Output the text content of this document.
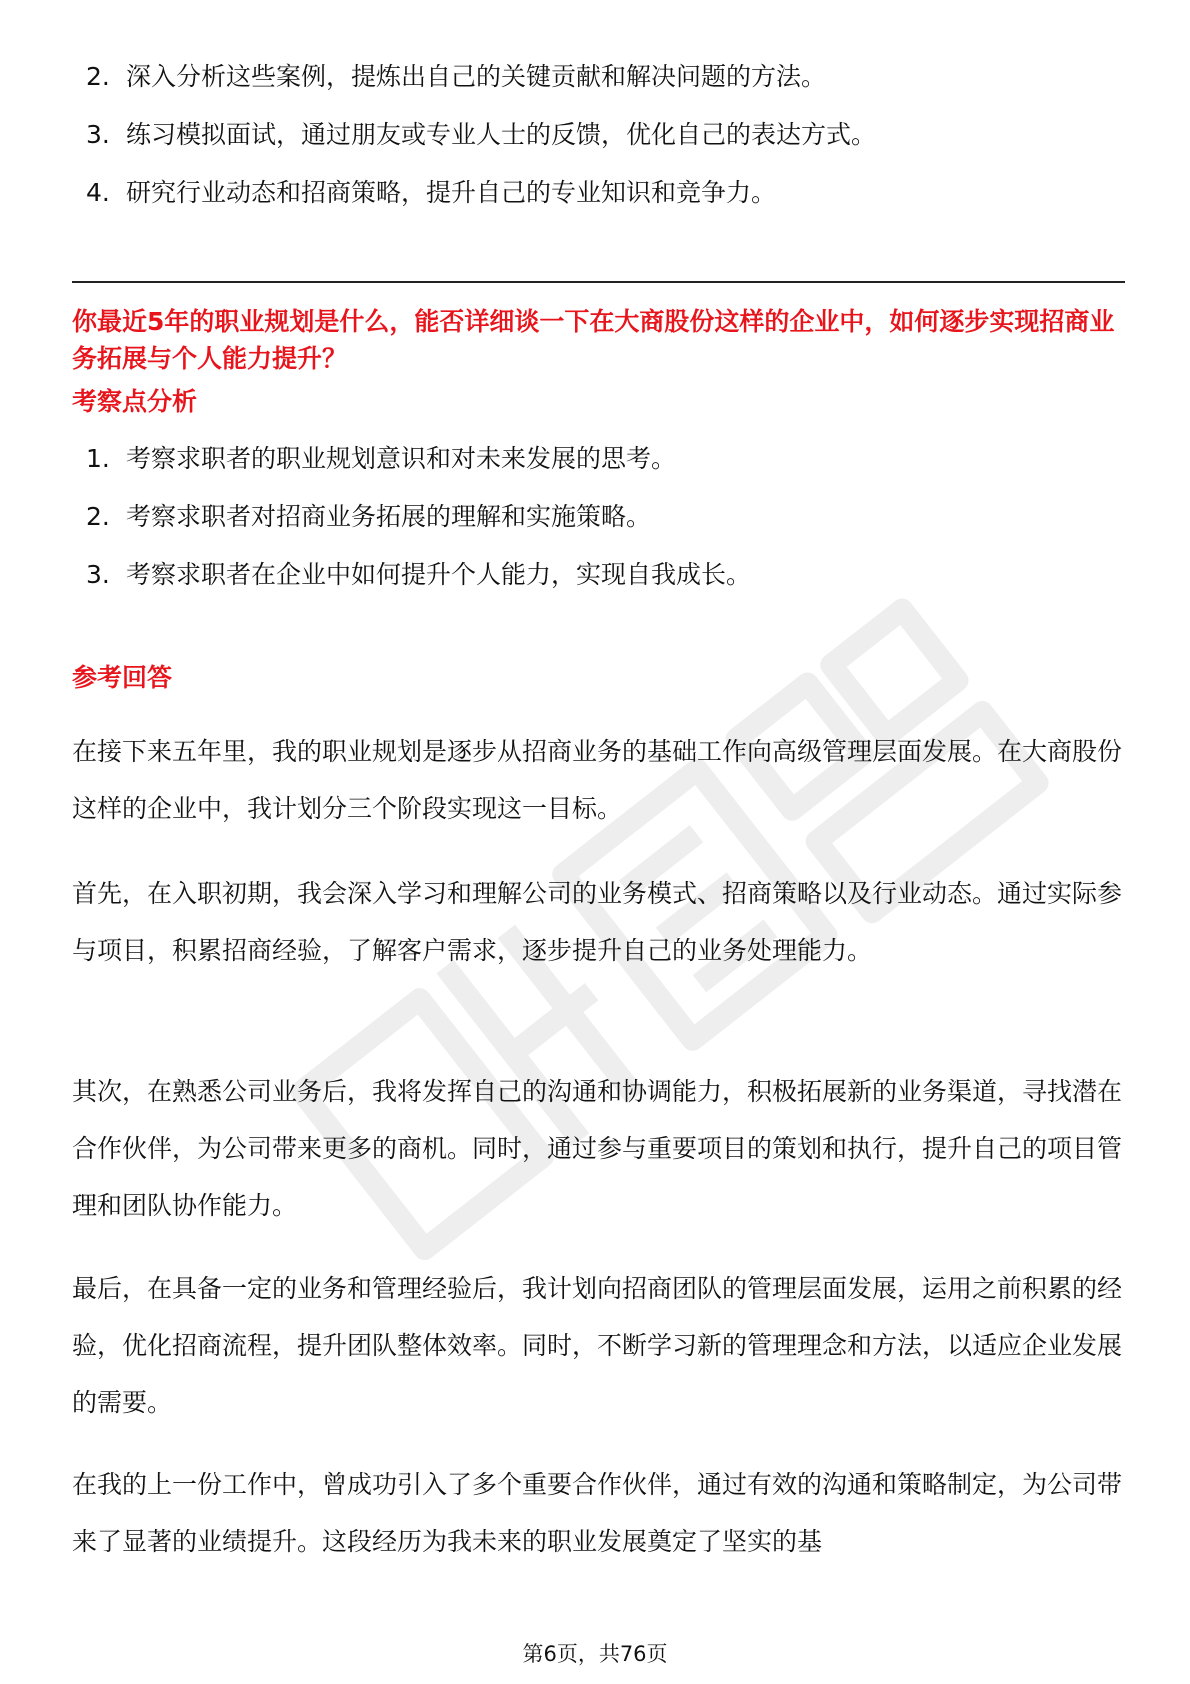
2. 深入分析这些案例，提炼出自己的关键贡献和解决问题的方法。
3. 练习模拟面试，通过朋友或专业人士的反馈，优化自己的表达方式。
4. 研究行业动态和招商策略，提升自己的专业知识和竞争力。

你最近5年的职业规划是什么，能否详细谈一下在大商股份这样的企业中，如何逐步实现招商业务拓展与个人能力提升？

考察点分析
1. 考察求职者的职业规划意识和对未来发展的思考。
2. 考察求职者对招商业务拓展的理解和实施策略。
3. 考察求职者在企业中如何提升个人能力，实现自我成长。
参考回答

在接下来五年里，我的职业规划是逐步从招商业务的基础工作向高级管理层面发展。在大商股份这样的企业中，我计划分三个阶段实现这一目标。

首先，在入职初期，我会深入学习和理解公司的业务模式、招商策略以及行业动态。通过实际参与项目，积累招商经验，了解客户需求，逐步提升自己的业务处理能力。

其次，在熟悉公司业务后，我将发挥自己的沟通和协调能力，积极拓展新的业务渠道，寻找潜在合作伙伴，为公司带来更多的商机。同时，通过参与重要项目的策划和执行，提升自己的项目管理和团队协作能力。

最后，在具备一定的业务和管理经验后，我计划向招商团队的管理层面发展，运用之前积累的经验，优化招商流程，提升团队整体效率。同时，不断学习新的管理理念和方法，以适应企业发展的需要。

在我的上一份工作中，曾成功引入了多个重要合作伙伴，通过有效的沟通和策略制定，为公司带来了显著的业绩提升。这段经历为我未来的职业发展奠定了坚实的基

第6页，共76页
